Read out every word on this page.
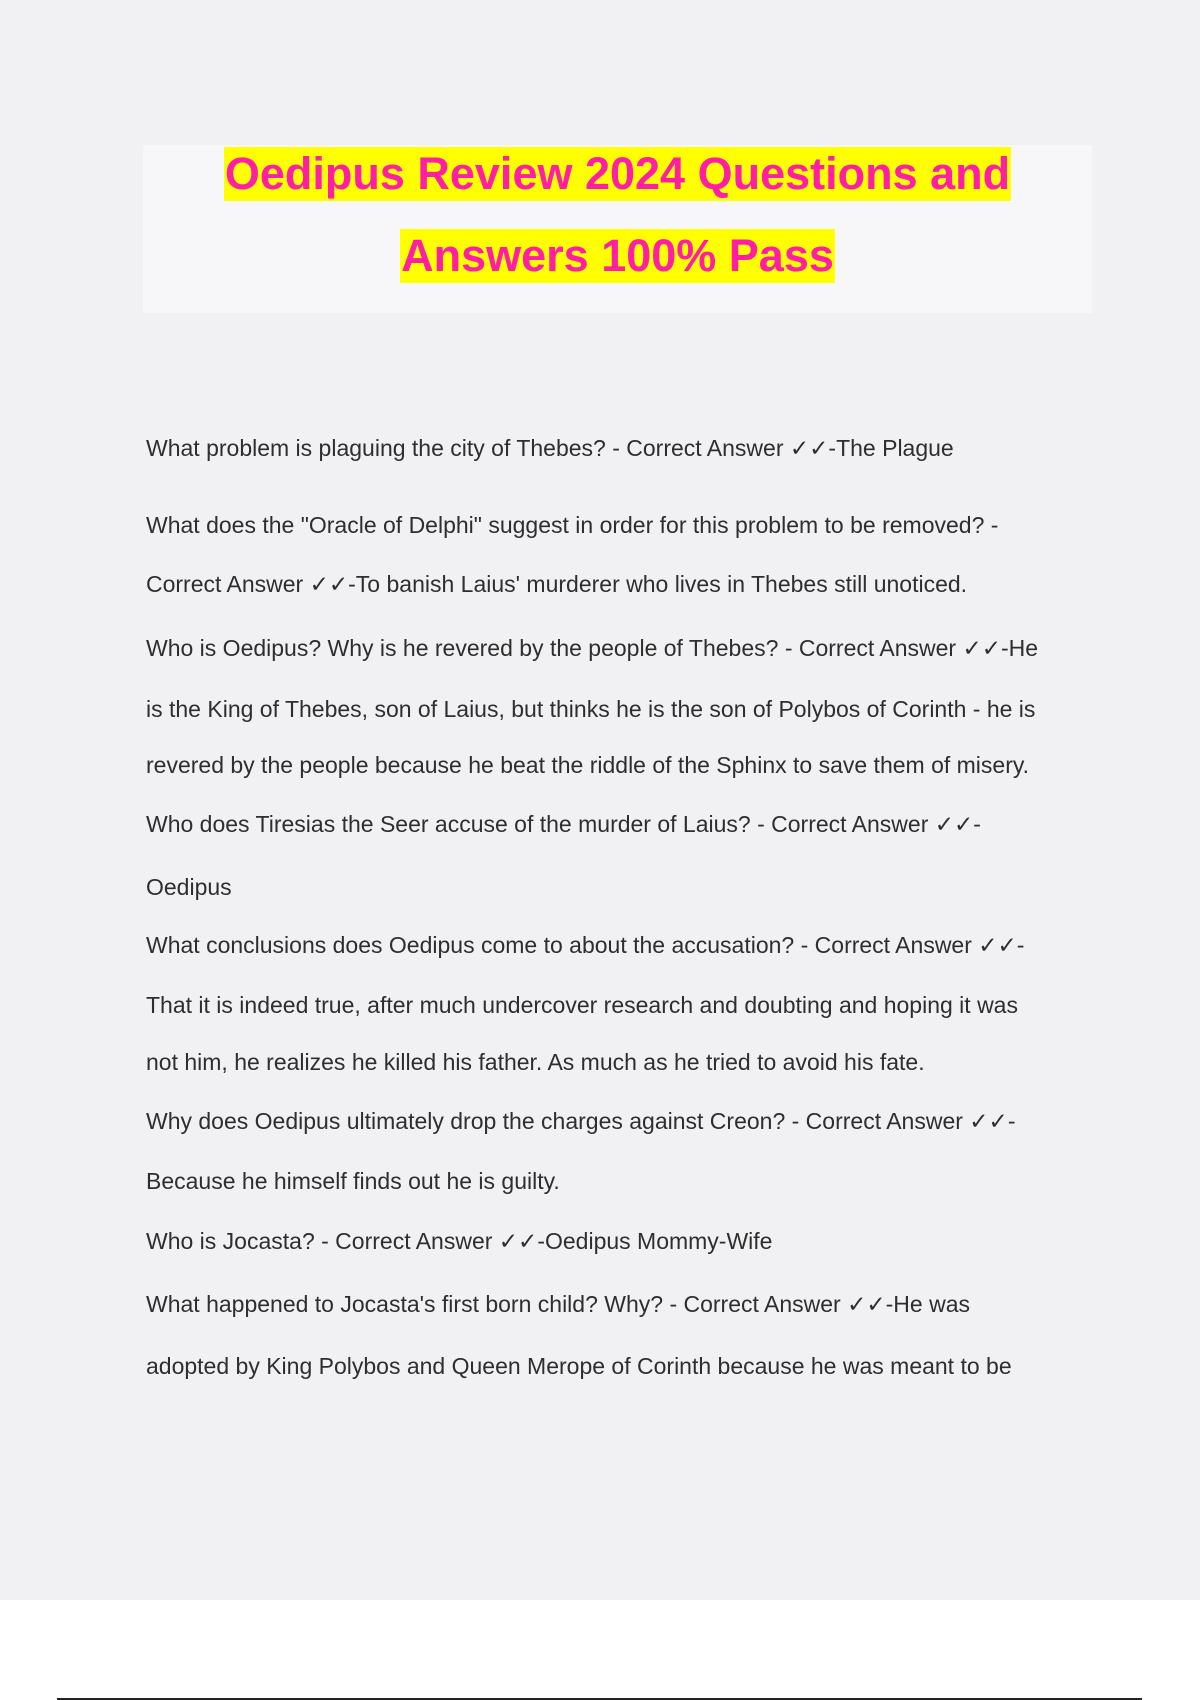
Oedipus Review 2024 Questions and
Answers 100% Pass
What problem is plaguing the city of Thebes? - Correct Answer ✓✓-The Plague
What does the "Oracle of Delphi" suggest in order for this problem to be removed? -
Correct Answer ✓✓-To banish Laius' murderer who lives in Thebes still unoticed.
Who is Oedipus? Why is he revered by the people of Thebes? - Correct Answer ✓✓-He
is the King of Thebes, son of Laius, but thinks he is the son of Polybos of Corinth - he is
revered by the people because he beat the riddle of the Sphinx to save them of misery.
Who does Tiresias the Seer accuse of the murder of Laius? - Correct Answer ✓✓-
Oedipus
What conclusions does Oedipus come to about the accusation? - Correct Answer ✓✓-
That it is indeed true, after much undercover research and doubting and hoping it was
not him, he realizes he killed his father. As much as he tried to avoid his fate.
Why does Oedipus ultimately drop the charges against Creon? - Correct Answer ✓✓-
Because he himself finds out he is guilty.
Who is Jocasta? - Correct Answer ✓✓-Oedipus Mommy-Wife
What happened to Jocasta's first born child? Why? - Correct Answer ✓✓-He was
adopted by King Polybos and Queen Merope of Corinth because he was meant to be
